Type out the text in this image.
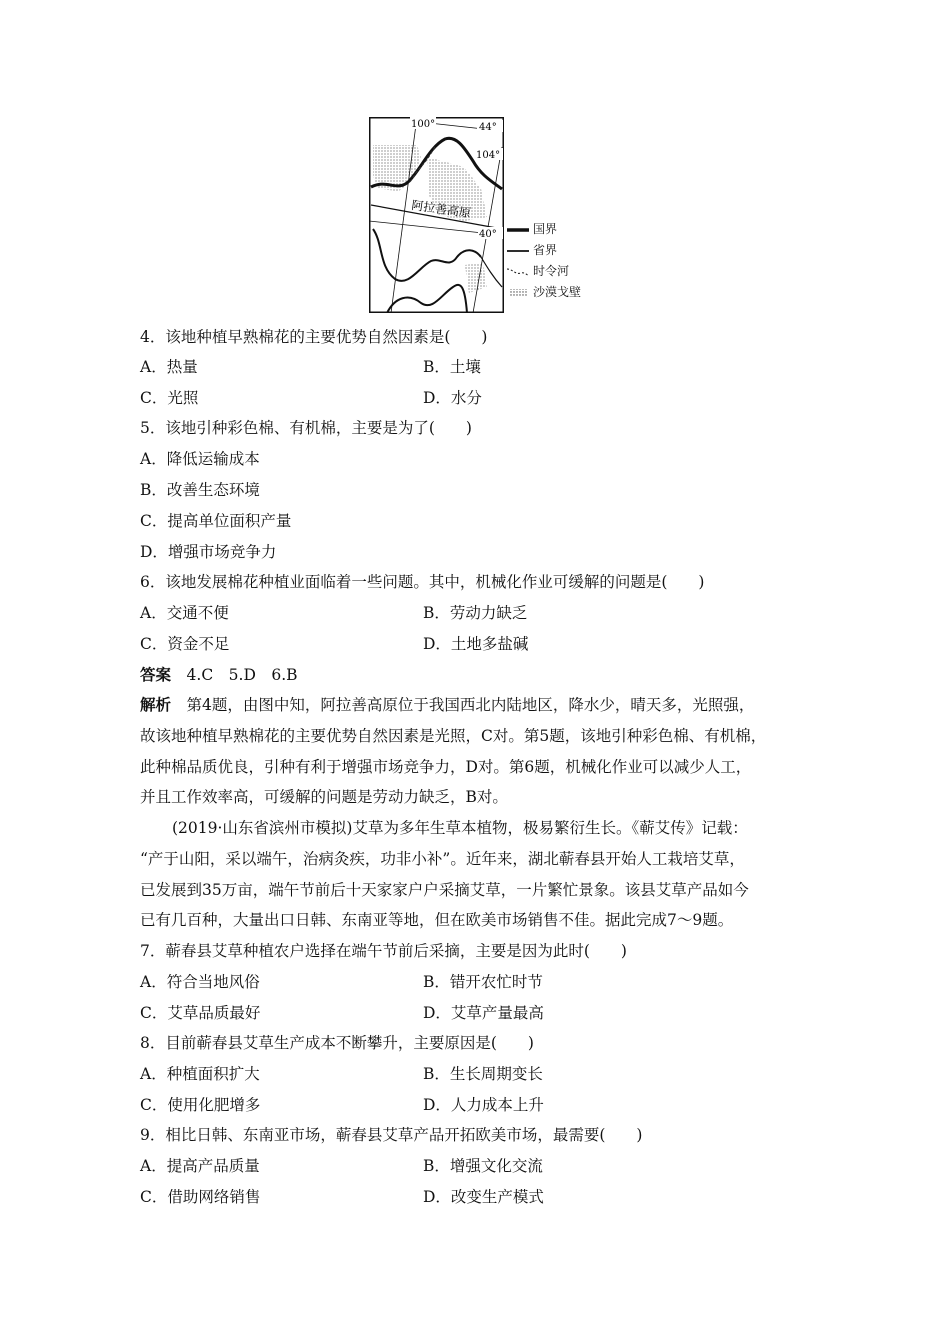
100°	44°
104°
40°
阿拉善高原
国界
省界
时令河
沙漠戈壁
4．该地种植早熟棉花的主要优势自然因素是(　　)
A．热量	B．土壤
C．光照	D．水分
5．该地引种彩色棉、有机棉，主要是为了(　　)
A．降低运输成本
B．改善生态环境
C．提高单位面积产量
D．增强市场竞争力
6．该地发展棉花种植业面临着一些问题。其中，机械化作业可缓解的问题是(　　)
A．交通不便	B．劳动力缺乏
C．资金不足	D．土地多盐碱
答案　 4.C　5.D　6.B
解析　 第4题，由图中知，阿拉善高原位于我国西北内陆地区，降水少，晴天多，光照强，
故该地种植早熟棉花的主要优势自然因素是光照，C对。第5题，该地引种彩色棉、有机棉，
此种棉品质优良，引种有利于增强市场竞争力，D对。第6题，机械化作业可以减少人工，
并且工作效率高，可缓解的问题是劳动力缺乏，B对。
(2019·山东省滨州市模拟)艾草为多年生草本植物，极易繁衍生长。《蕲艾传》记载：
“产于山阳，采以端午，治病灸疾，功非小补”。近年来，湖北蕲春县开始人工栽培艾草，
已发展到35万亩，端午节前后十天家家户户采摘艾草，一片繁忙景象。该县艾草产品如今
已有几百种，大量出口日韩、东南亚等地，但在欧美市场销售不佳。据此完成7～9题。
7．蕲春县艾草种植农户选择在端午节前后采摘，主要是因为此时(　　)
A．符合当地风俗	B．错开农忙时节
C．艾草品质最好	D．艾草产量最高
8．目前蕲春县艾草生产成本不断攀升，主要原因是(　　)
A．种植面积扩大	B．生长周期变长
C．使用化肥增多	D．人力成本上升
9．相比日韩、东南亚市场，蕲春县艾草产品开拓欧美市场，最需要(　　)
A．提高产品质量	B．增强文化交流
C．借助网络销售	D．改变生产模式
